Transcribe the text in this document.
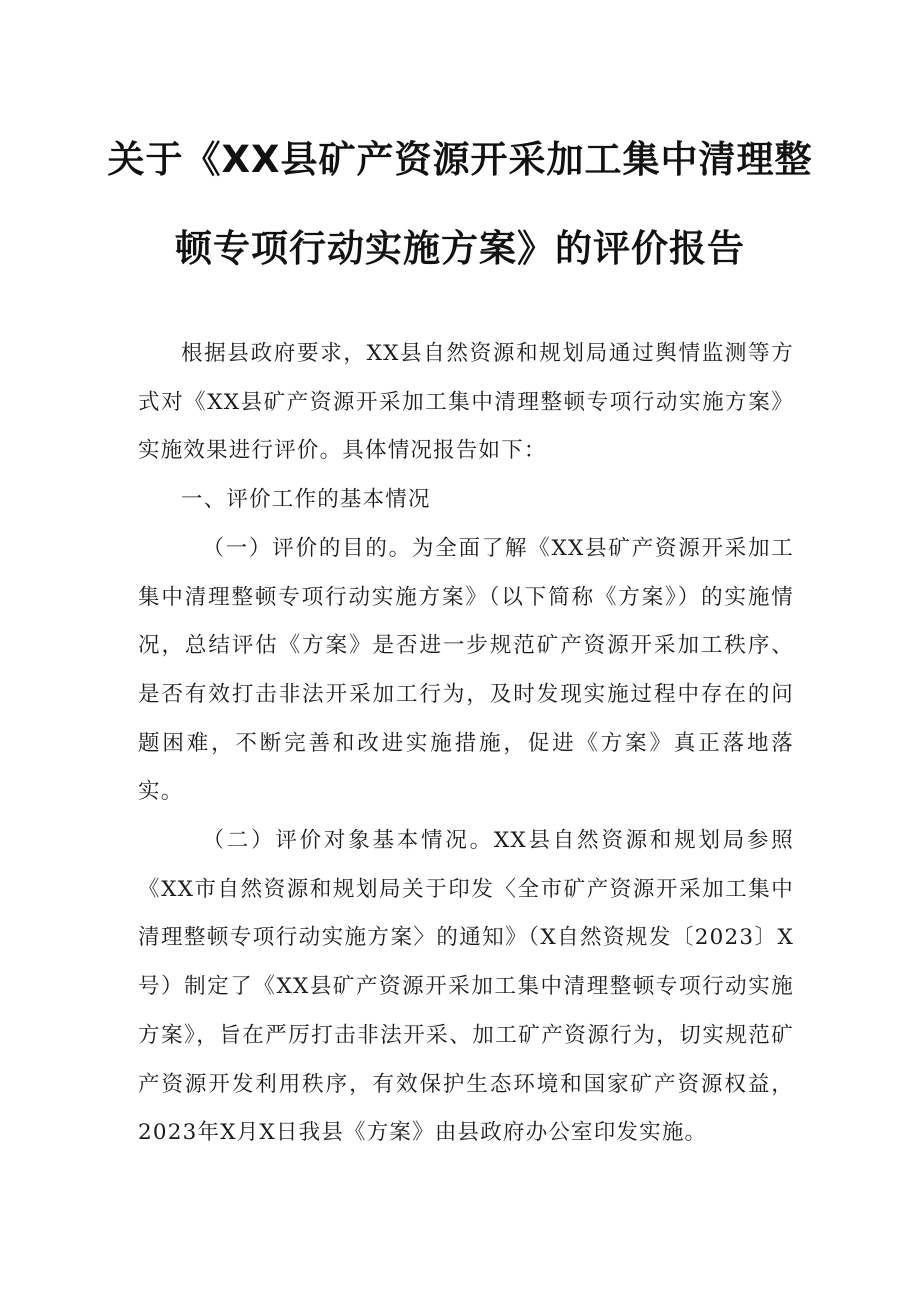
关于《XX县矿产资源开采加工集中清理整
顿专项行动实施方案》的评价报告

根据县政府要求，XX县自然资源和规划局通过舆情监测等方式对《XX县矿产资源开采加工集中清理整顿专项行动实施方案》实施效果进行评价。具体情况报告如下：

一、评价工作的基本情况

（一）评价的目的。为全面了解《XX县矿产资源开采加工集中清理整顿专项行动实施方案》（以下简称《方案》）的实施情况，总结评估《方案》是否进一步规范矿产资源开采加工秩序、是否有效打击非法开采加工行为，及时发现实施过程中存在的问题困难，不断完善和改进实施措施，促进《方案》真正落地落实。

（二）评价对象基本情况。XX县自然资源和规划局参照《XX市自然资源和规划局关于印发〈全市矿产资源开采加工集中清理整顿专项行动实施方案〉的通知》（X自然资规发〔2023〕X号）制定了《XX县矿产资源开采加工集中清理整顿专项行动实施方案》，旨在严厉打击非法开采、加工矿产资源行为，切实规范矿产资源开发利用秩序，有效保护生态环境和国家矿产资源权益，2023年X月X日我县《方案》由县政府办公室印发实施。
